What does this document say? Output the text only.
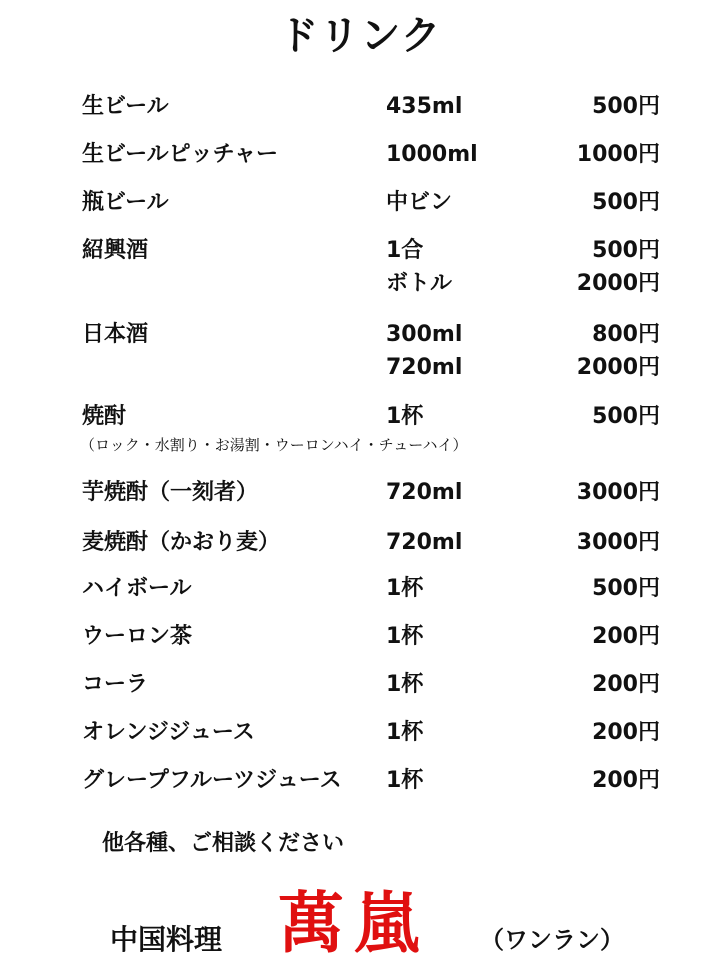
ドリンク
生ビール	435ml	500円
生ビールピッチャー	1000ml	1000円
瓶ビール	中ビン	500円
紹興酒	1合	500円
ボトル	2000円
日本酒	300ml	800円
720ml	2000円
焼酎	1杯	500円
（ロック・水割り・お湯割・ウーロンハイ・チューハイ）
芋焼酎（一刻者）	720ml	3000円
麦焼酎（かおり麦）	720ml	3000円
ハイボール	1杯	500円
ウーロン茶	1杯	200円
コーラ	1杯	200円
オレンジジュース	1杯	200円
グレープフルーツジュース 1杯	200円
他各種、ご相談ください
中国料理 萬嵐 （ワンラン）
